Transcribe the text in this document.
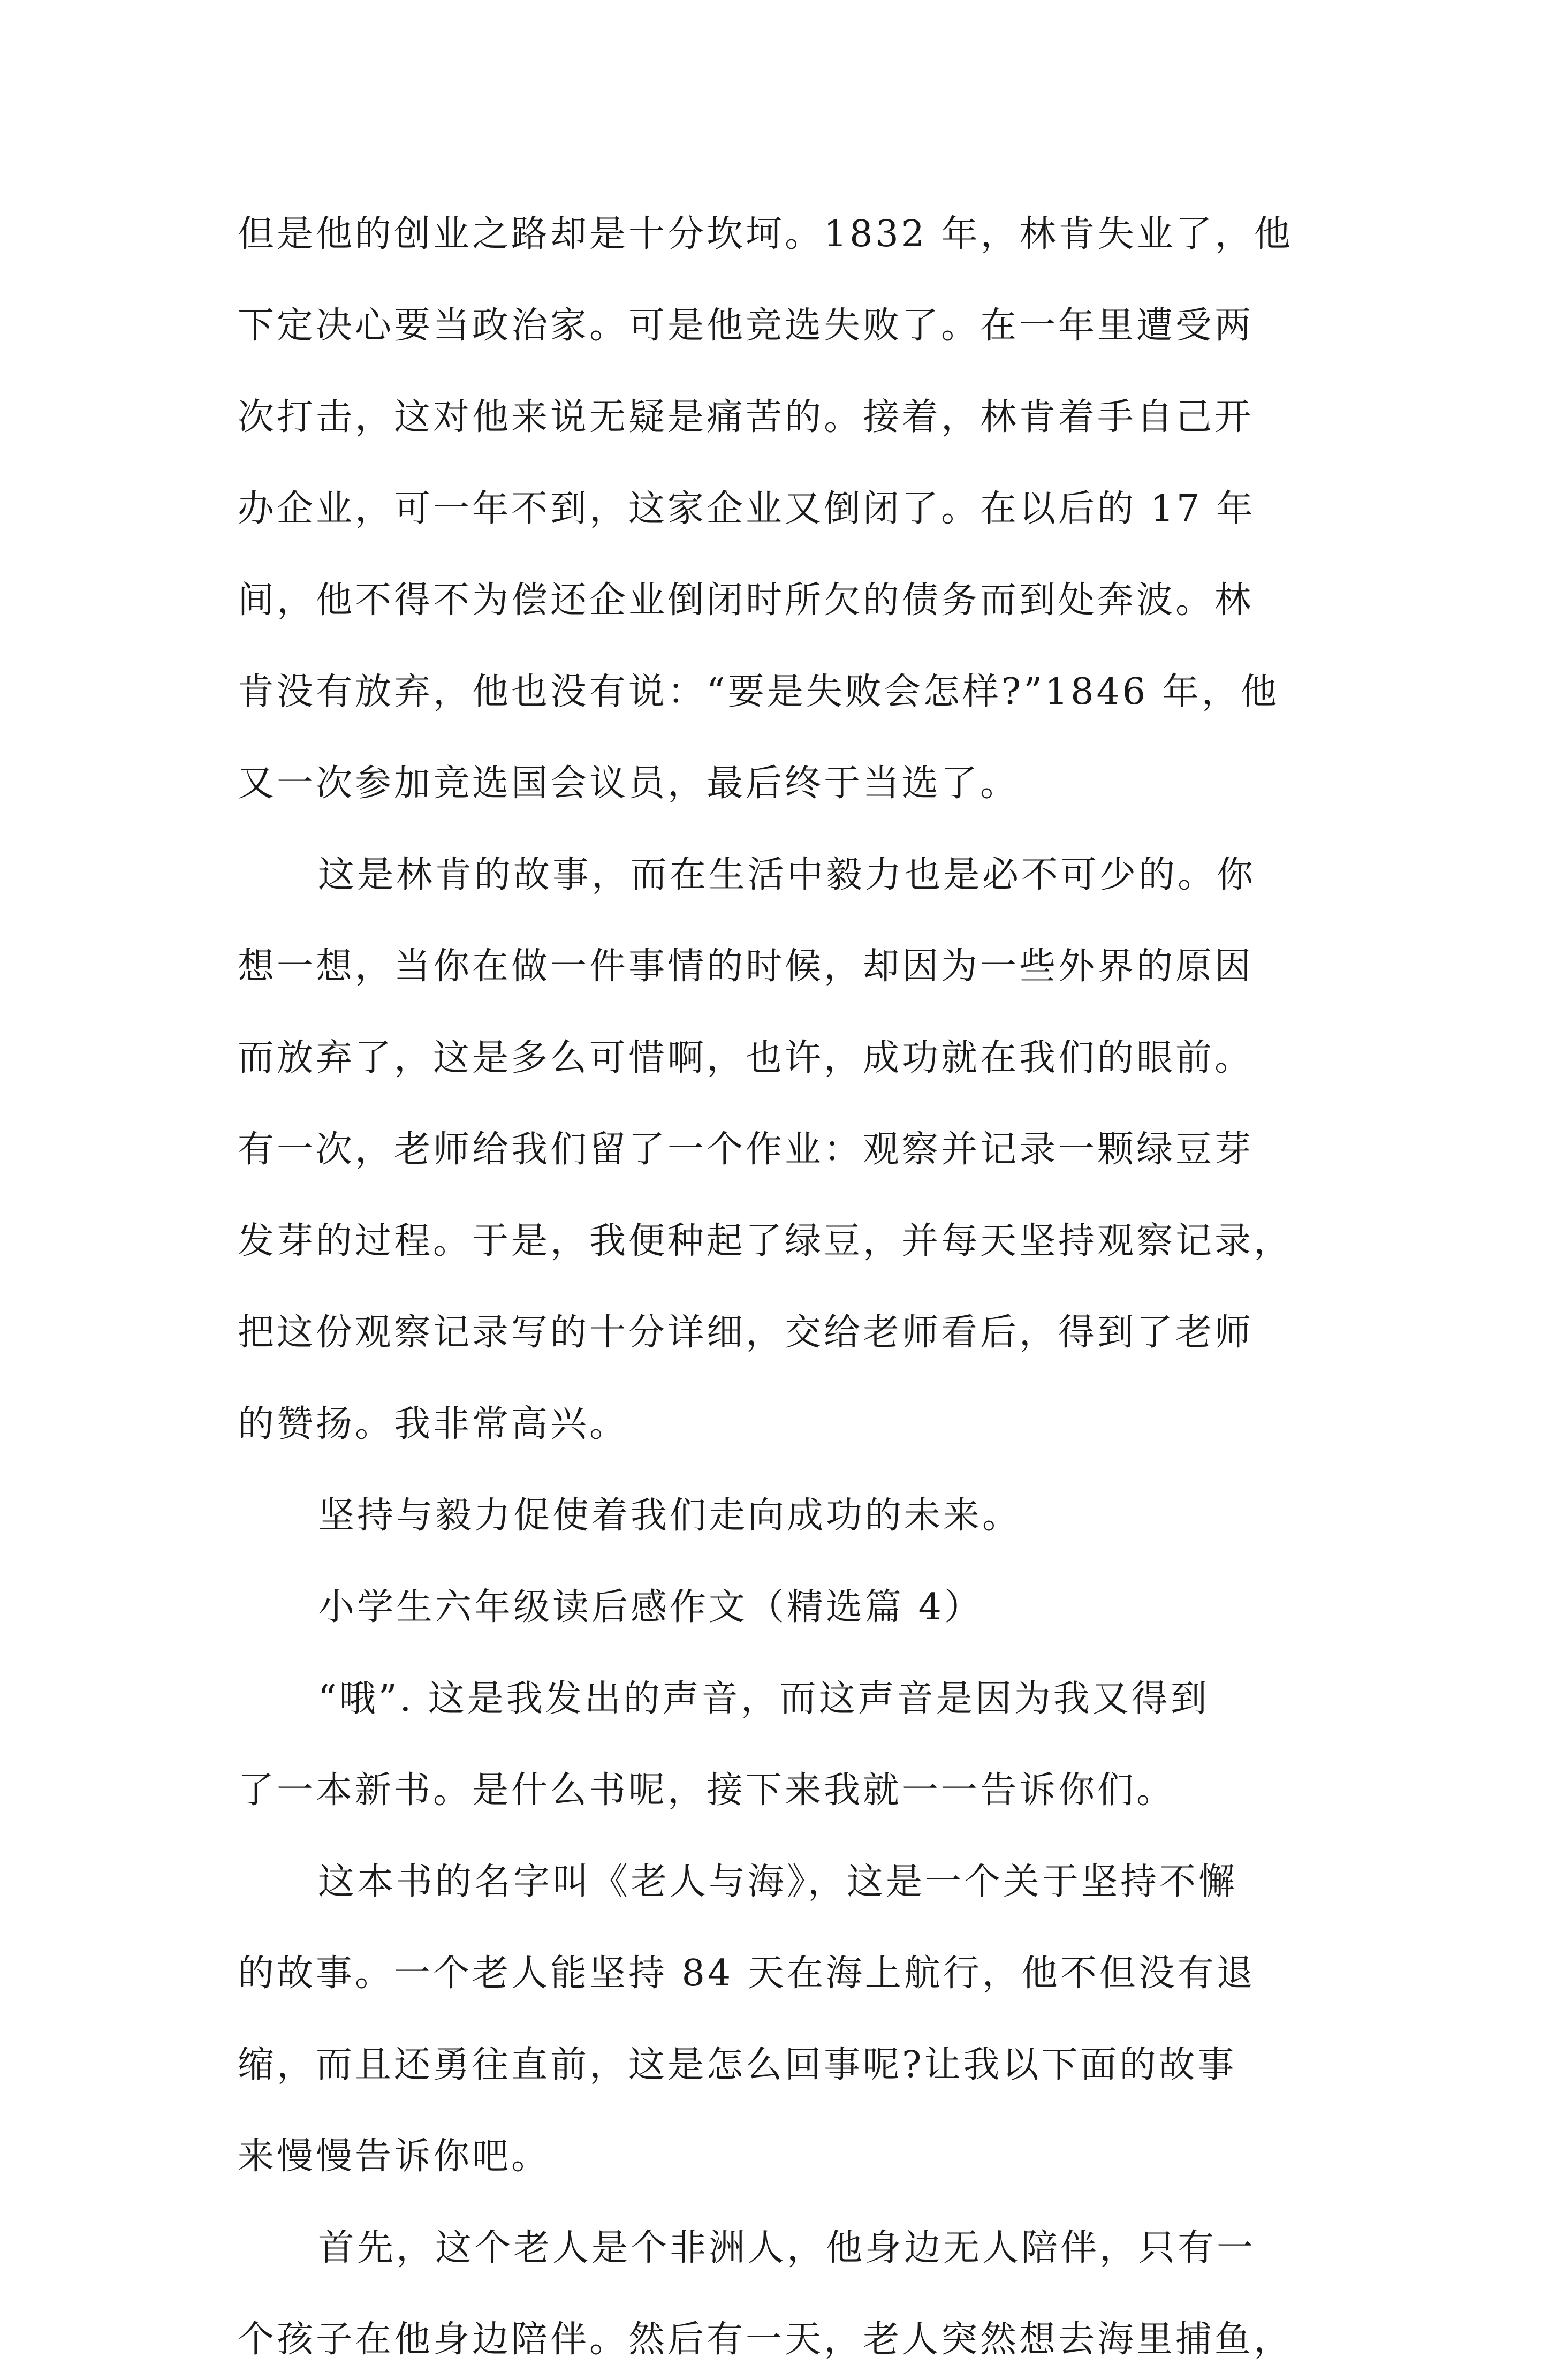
但是他的创业之路却是十分坎坷。1832 年，林肯失业了，他
下定决心要当政治家。可是他竞选失败了。在一年里遭受两
次打击，这对他来说无疑是痛苦的。接着，林肯着手自己开
办企业，可一年不到，这家企业又倒闭了。在以后的 17 年
间，他不得不为偿还企业倒闭时所欠的债务而到处奔波。林
肯没有放弃，他也没有说：“要是失败会怎样?”1846 年，他
又一次参加竞选国会议员，最后终于当选了。
这是林肯的故事，而在生活中毅力也是必不可少的。你
想一想，当你在做一件事情的时候，却因为一些外界的原因
而放弃了，这是多么可惜啊，也许，成功就在我们的眼前。
有一次，老师给我们留了一个作业：观察并记录一颗绿豆芽
发芽的过程。于是，我便种起了绿豆，并每天坚持观察记录，
把这份观察记录写的十分详细，交给老师看后，得到了老师
的赞扬。我非常高兴。
坚持与毅力促使着我们走向成功的未来。
小学生六年级读后感作文（精选篇 4）
“哦”. 这是我发出的声音，而这声音是因为我又得到
了一本新书。是什么书呢，接下来我就一一告诉你们。
这本书的名字叫《老人与海》，这是一个关于坚持不懈
的故事。一个老人能坚持 84 天在海上航行，他不但没有退
缩，而且还勇往直前，这是怎么回事呢?让我以下面的故事
来慢慢告诉你吧。
首先，这个老人是个非洲人，他身边无人陪伴，只有一
个孩子在他身边陪伴。然后有一天，老人突然想去海里捕鱼，
